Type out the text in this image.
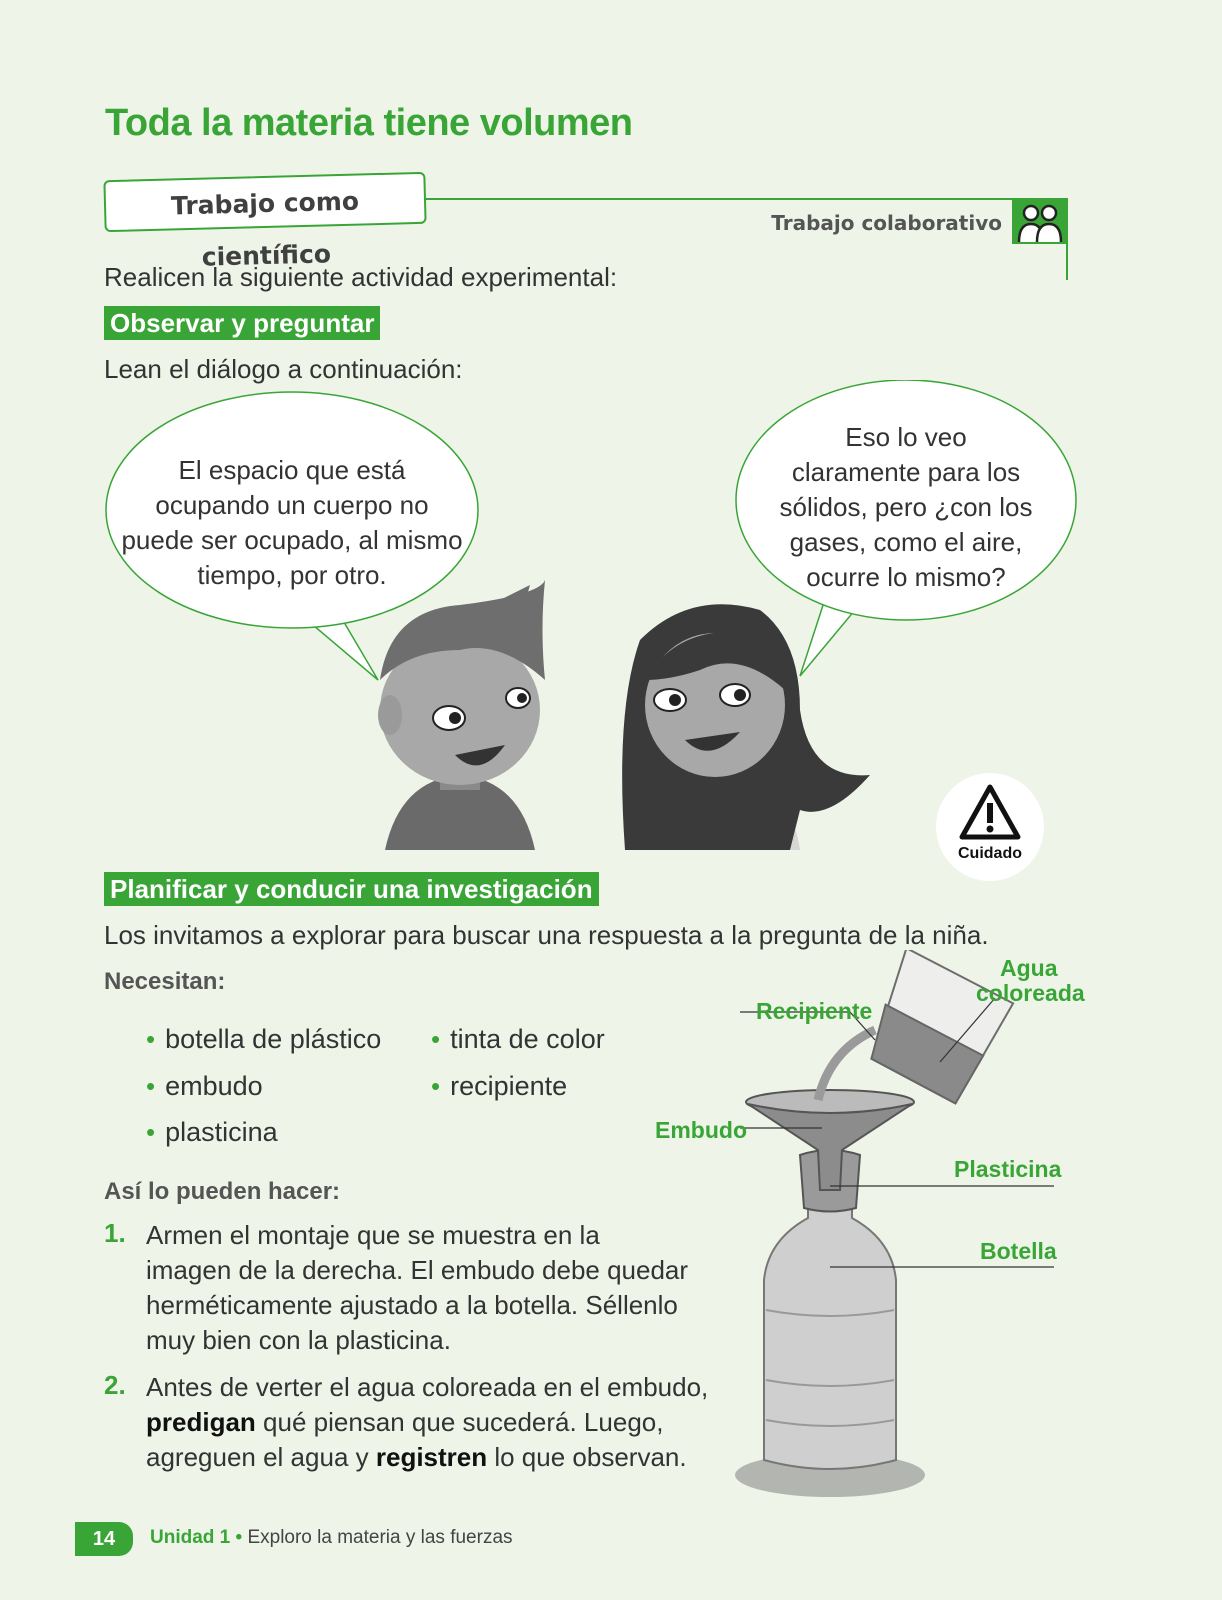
Toda la materia tiene volumen
Trabajo como científico
Trabajo colaborativo
Realicen la siguiente actividad experimental:
Observar y preguntar
Lean el diálogo a continuación:
El espacio que está
ocupando un cuerpo no
puede ser ocupado, al mismo
tiempo, por otro.
Eso lo veo
claramente para los
sólidos, pero ¿con los
gases, como el aire,
ocurre lo mismo?
Cuidado
Planificar y conducir una investigación
Los invitamos a explorar para buscar una respuesta a la pregunta de la niña.
Necesitan:
• botella de plástico
• embudo
• plasticina
• tinta de color
• recipiente
Así lo pueden hacer:
1. Armen el montaje que se muestra en la
imagen de la derecha. El embudo debe quedar
herméticamente ajustado a la botella. Séllenlo
muy bien con la plasticina.
2. Antes de verter el agua coloreada en el embudo,
predigan qué piensan que sucederá. Luego,
agreguen el agua y registren lo que observan.
Agua
coloreada
Recipiente
Embudo
Plasticina
Botella
14	Unidad 1 • Exploro la materia y las fuerzas
